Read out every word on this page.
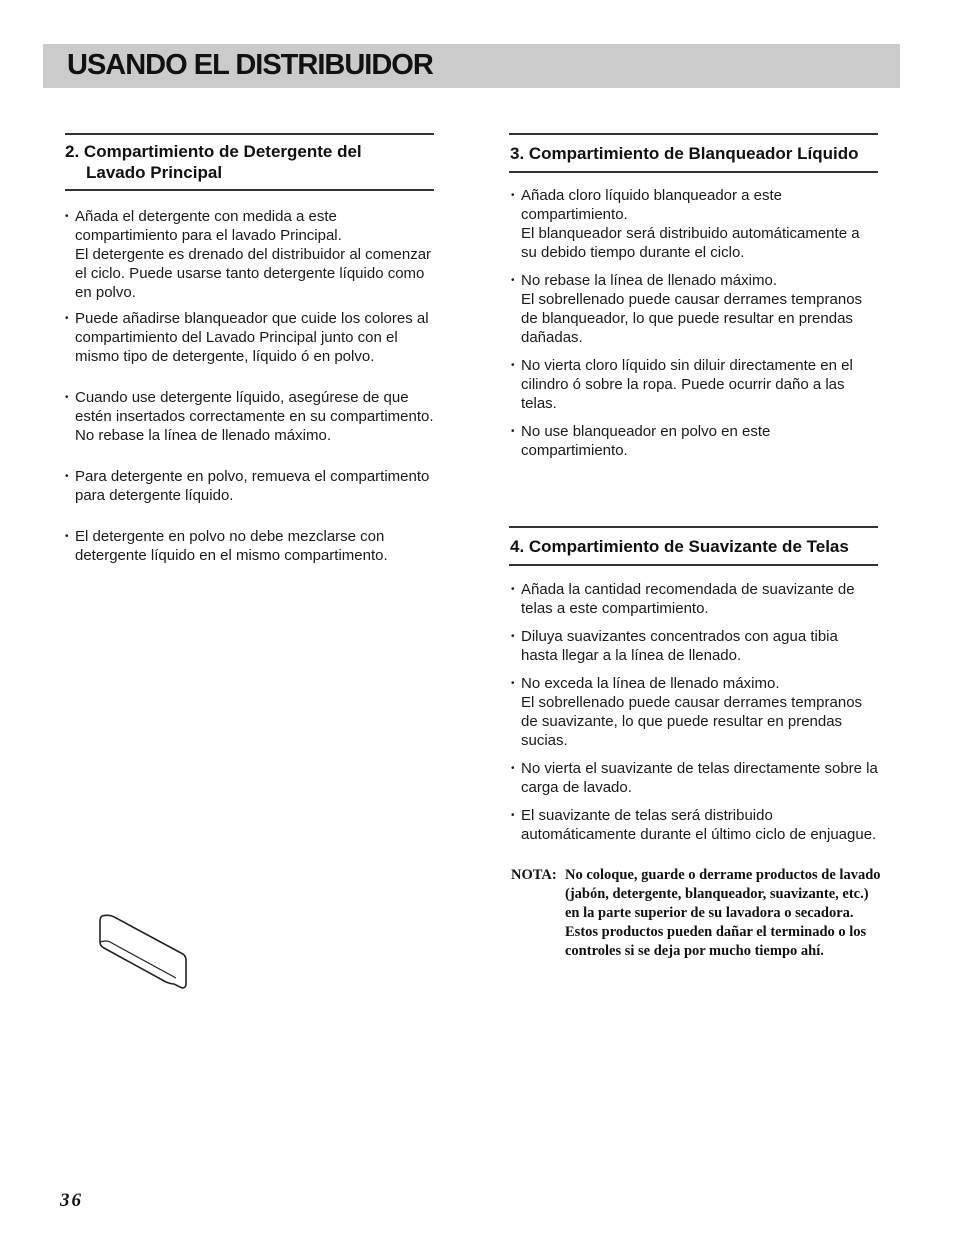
USANDO EL DISTRIBUIDOR
2. Compartimiento de Detergente del
Lavado Principal
• Añada el detergente con medida a este compartimiento para el lavado Principal.
El detergente es drenado del distribuidor al comenzar el ciclo. Puede usarse tanto detergente líquido como en polvo.
• Puede añadirse blanqueador que cuide los colores al compartimiento del Lavado Principal junto con el mismo tipo de detergente, líquido ó en polvo.
• Cuando use detergente líquido, asegúrese de que estén insertados correctamente en su compartimento. No rebase la línea de llenado máximo.
• Para detergente en polvo, remueva el compartimento para detergente líquido.
• El detergente en polvo no debe mezclarse con detergente líquido en el mismo compartimento.
3. Compartimiento de Blanqueador Líquido
• Añada cloro líquido blanqueador a este compartimiento.
El blanqueador será distribuido automáticamente a su debido tiempo durante el ciclo.
• No rebase la línea de llenado máximo.
El sobrellenado puede causar derrames tempranos de blanqueador, lo que puede resultar en prendas dañadas.
• No vierta cloro líquido sin diluir directamente en el cilindro ó sobre la ropa. Puede ocurrir daño a las telas.
• No use blanqueador en polvo en este compartimiento.
4. Compartimiento de Suavizante de Telas
• Añada la cantidad recomendada de suavizante de telas a este compartimiento.
• Diluya suavizantes concentrados con agua tibia hasta llegar a la línea de llenado.
• No exceda la línea de llenado máximo.
El sobrellenado puede causar derrames tempranos de suavizante, lo que puede resultar en prendas sucias.
• No vierta el suavizante de telas directamente sobre la carga de lavado.
• El suavizante de telas será distribuido automáticamente durante el último ciclo de enjuague.
NOTA: No coloque, guarde o derrame productos de lavado (jabón, detergente, blanqueador, suavizante, etc.) en la parte superior de su lavadora o secadora. Estos productos pueden dañar el terminado o los controles si se deja por mucho tiempo ahí.
36
